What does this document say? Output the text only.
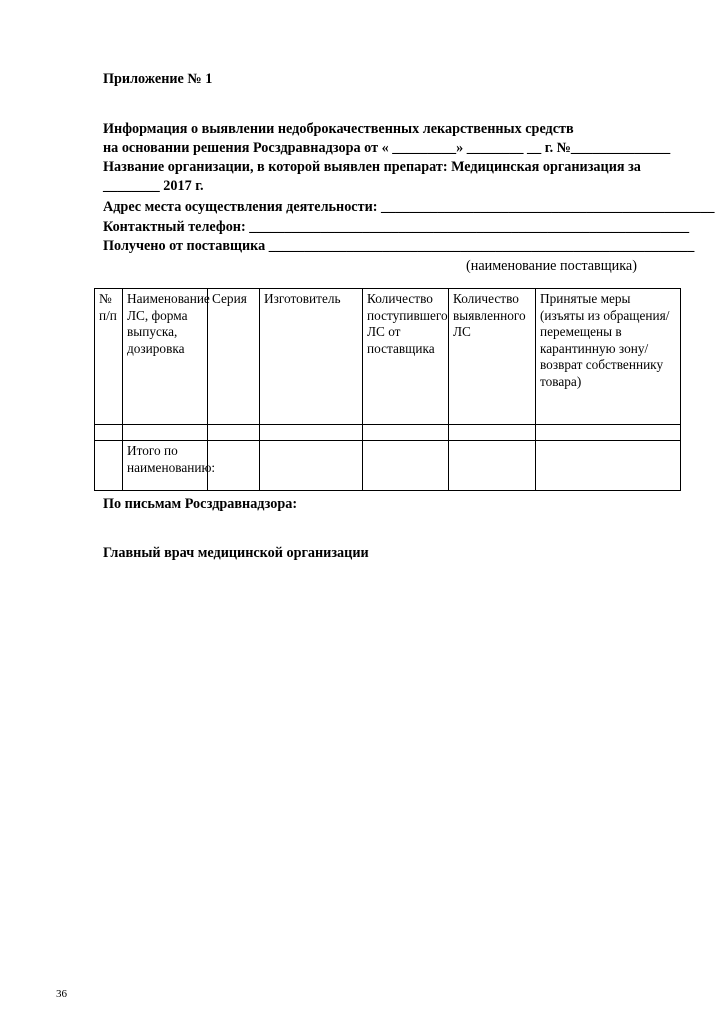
Приложение № 1
Информация о выявлении недоброкачественных лекарственных средств
на основании решения Росздравнадзора от « _________» ________ __ г. №______________
Название организации, в которой выявлен препарат: Медицинская организация за
________ 2017 г.
Адрес места осуществления деятельности: _______________________________________________
Контактный телефон: ______________________________________________________________
Получено от поставщика ____________________________________________________________
(наименование поставщика)
№ п/п	Наименование ЛС, форма выпуска, дозировка	Серия	Изготовитель	Количество поступившего ЛС от поставщика	Количество выявленного ЛС	Принятые меры (изъяты из обращения/перемещены в карантинную зону/возврат собственнику товара)

	Итого по наименованию:					
По письмам Росздравнадзора:
Главный врач медицинской организации
36
